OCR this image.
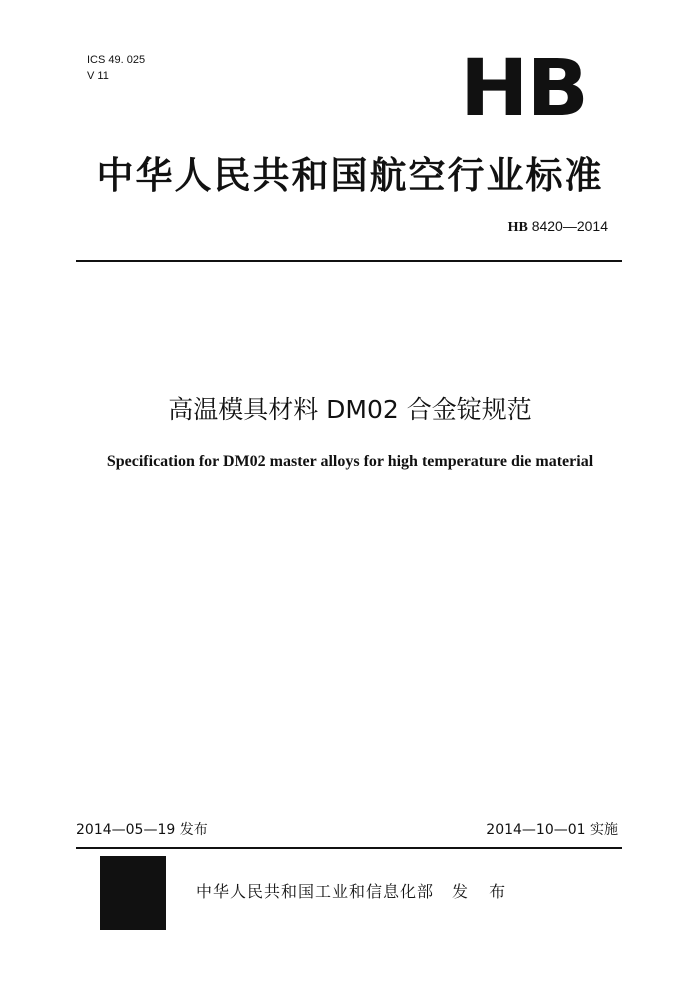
ICS 49. 025
V 11	HB
中华人民共和国航空行业标准
HB 8420—2014
高温模具材料 DM02 合金锭规范
Specification for DM02 master alloys for high temperature die material
2014—05—19 发布	2014—10—01 实施
中华人民共和国工业和信息化部 发 布
